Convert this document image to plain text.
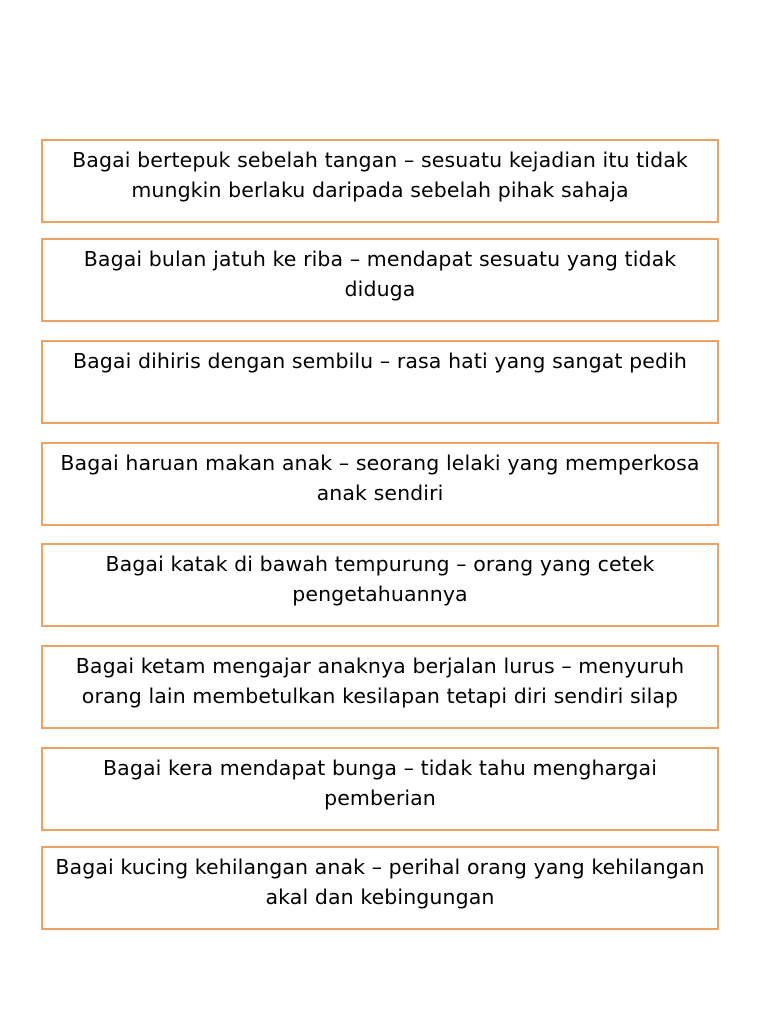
Bagai bertepuk sebelah tangan – sesuatu kejadian itu tidak mungkin berlaku daripada sebelah pihak sahaja
Bagai bulan jatuh ke riba – mendapat sesuatu yang tidak diduga
Bagai dihiris dengan sembilu – rasa hati yang sangat pedih
Bagai haruan makan anak – seorang lelaki yang memperkosa anak sendiri
Bagai katak di bawah tempurung – orang yang cetek pengetahuannya
Bagai ketam mengajar anaknya berjalan lurus – menyuruh orang lain membetulkan kesilapan tetapi diri sendiri silap
Bagai kera mendapat bunga – tidak tahu menghargai pemberian
Bagai kucing kehilangan anak – perihal orang yang kehilangan akal dan kebingungan
